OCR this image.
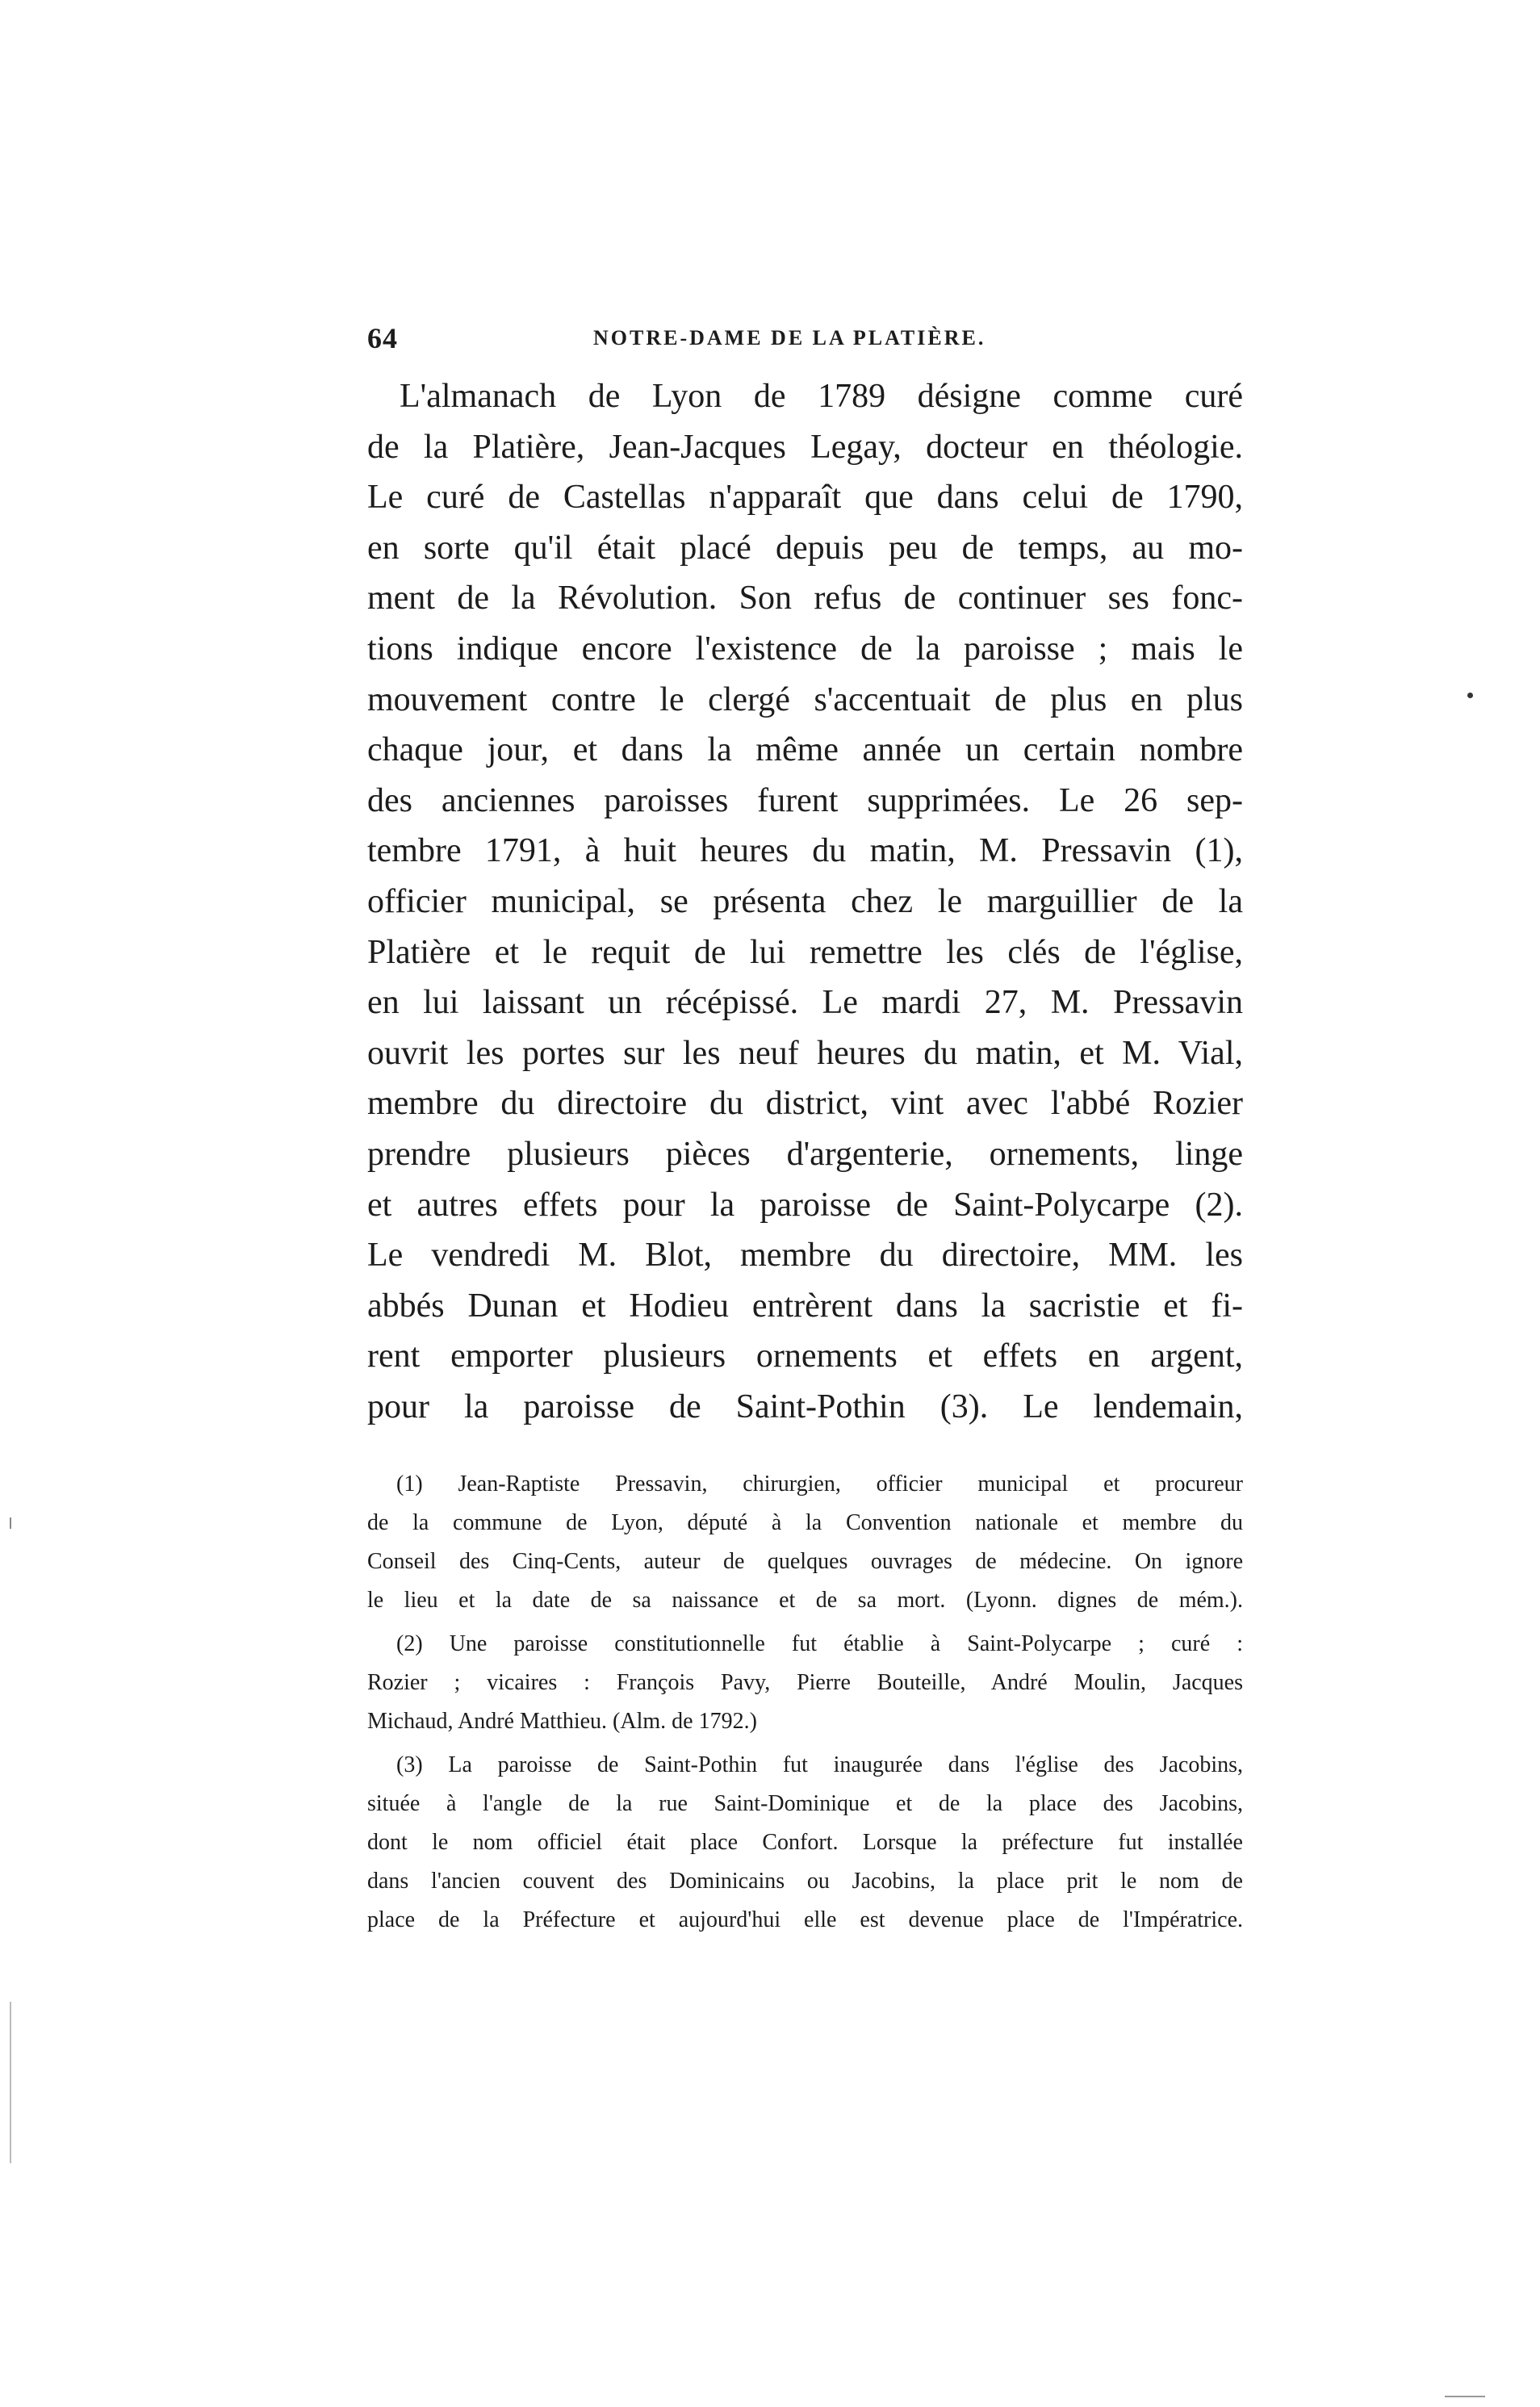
64	NOTRE-DAME DE LA PLATIÈRE.
L'almanach de Lyon de 1789 désigne comme curé
de la Platière, Jean-Jacques Legay, docteur en théologie.
Le curé de Castellas n'apparaît que dans celui de 1790,
en sorte qu'il était placé depuis peu de temps, au mo-
ment de la Révolution. Son refus de continuer ses fonc-
tions indique encore l'existence de la paroisse ; mais le
mouvement contre le clergé s'accentuait de plus en plus
chaque jour, et dans la même année un certain nombre
des anciennes paroisses furent supprimées. Le 26 sep-
tembre 1791, à huit heures du matin, M. Pressavin (1),
officier municipal, se présenta chez le marguillier de la
Platière et le requit de lui remettre les clés de l'église,
en lui laissant un récépissé. Le mardi 27, M. Pressavin
ouvrit les portes sur les neuf heures du matin, et M. Vial,
membre du directoire du district, vint avec l'abbé Rozier
prendre plusieurs pièces d'argenterie, ornements, linge
et autres effets pour la paroisse de Saint-Polycarpe (2).
Le vendredi M. Blot, membre du directoire, MM. les
abbés Dunan et Hodieu entrèrent dans la sacristie et fi-
rent emporter plusieurs ornements et effets en argent,
pour la paroisse de Saint-Pothin (3). Le lendemain,
(1) Jean-Raptiste Pressavin, chirurgien, officier municipal et procureur
de la commune de Lyon, député à la Convention nationale et membre du
Conseil des Cinq-Cents, auteur de quelques ouvrages de médecine. On ignore
le lieu et la date de sa naissance et de sa mort. (Lyonn. dignes de mém.).
(2) Une paroisse constitutionnelle fut établie à Saint-Polycarpe ; curé :
Rozier ; vicaires : François Pavy, Pierre Bouteille, André Moulin, Jacques
Michaud, André Matthieu. (Alm. de 1792.)
(3) La paroisse de Saint-Pothin fut inaugurée dans l'église des Jacobins,
située à l'angle de la rue Saint-Dominique et de la place des Jacobins,
dont le nom officiel était place Confort. Lorsque la préfecture fut installée
dans l'ancien couvent des Dominicains ou Jacobins, la place prit le nom de
place de la Préfecture et aujourd'hui elle est devenue place de l'Impératrice.
